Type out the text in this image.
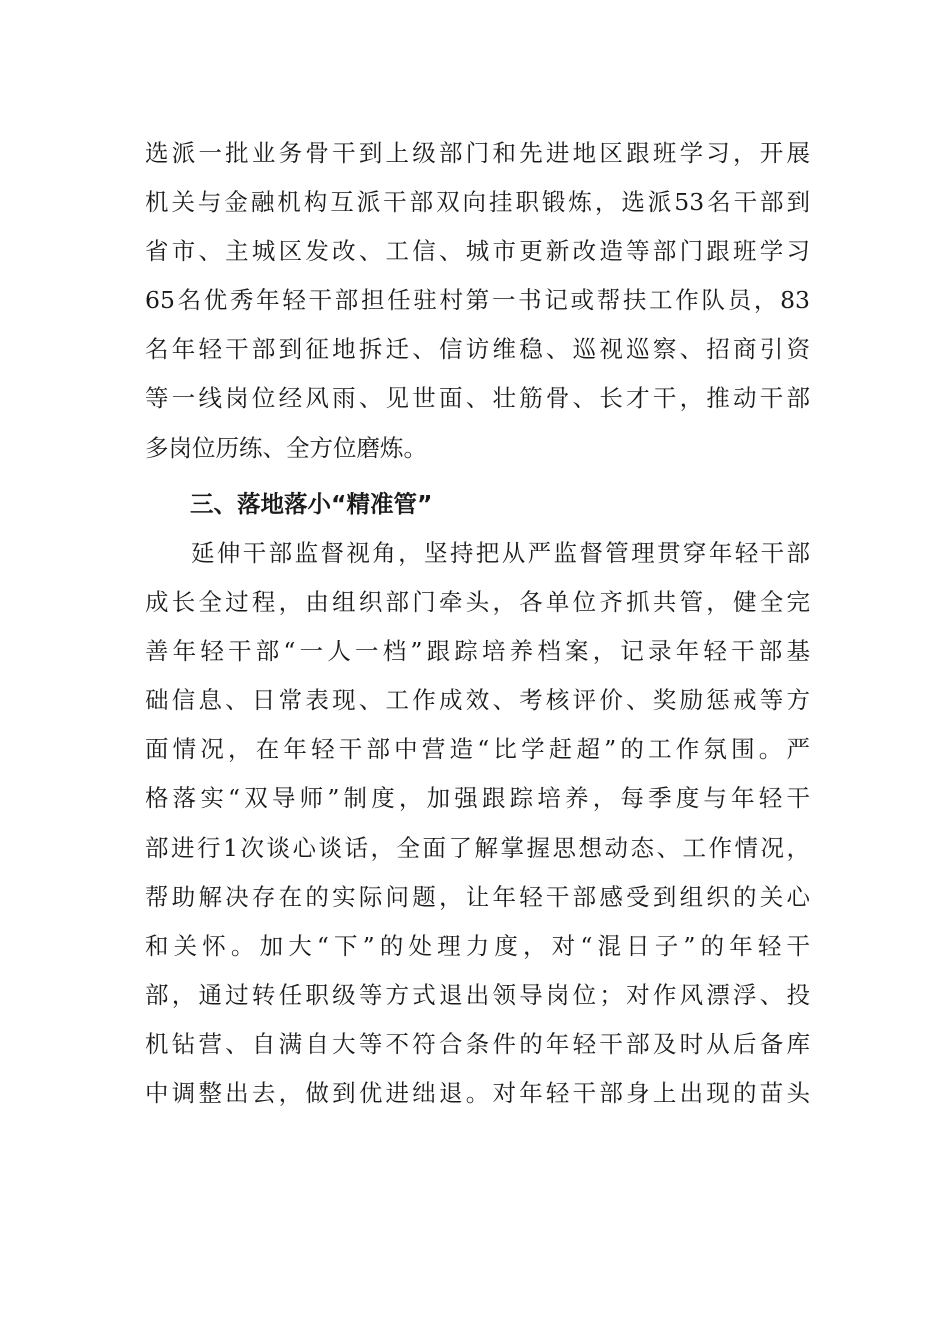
选派一批业务骨干到上级部门和先进地区跟班学习，开展
机关与金融机构互派干部双向挂职锻炼，选派53名干部到
省市、主城区发改、工信、城市更新改造等部门跟班学习
65名优秀年轻干部担任驻村第一书记或帮扶工作队员，83
名年轻干部到征地拆迁、信访维稳、巡视巡察、招商引资
等一线岗位经风雨、见世面、壮筋骨、长才干，推动干部
多岗位历练、全方位磨炼。
三、落地落小“精准管”
延伸干部监督视角，坚持把从严监督管理贯穿年轻干部
成长全过程，由组织部门牵头，各单位齐抓共管，健全完
善年轻干部“一人一档”跟踪培养档案，记录年轻干部基
础信息、日常表现、工作成效、考核评价、奖励惩戒等方
面情况，在年轻干部中营造“比学赶超”的工作氛围。严
格落实“双导师”制度，加强跟踪培养，每季度与年轻干
部进行1次谈心谈话，全面了解掌握思想动态、工作情况，
帮助解决存在的实际问题，让年轻干部感受到组织的关心
和关怀。加大“下”的处理力度，对“混日子”的年轻干
部，通过转任职级等方式退出领导岗位；对作风漂浮、投
机钻营、自满自大等不符合条件的年轻干部及时从后备库
中调整出去，做到优进绌退。对年轻干部身上出现的苗头
